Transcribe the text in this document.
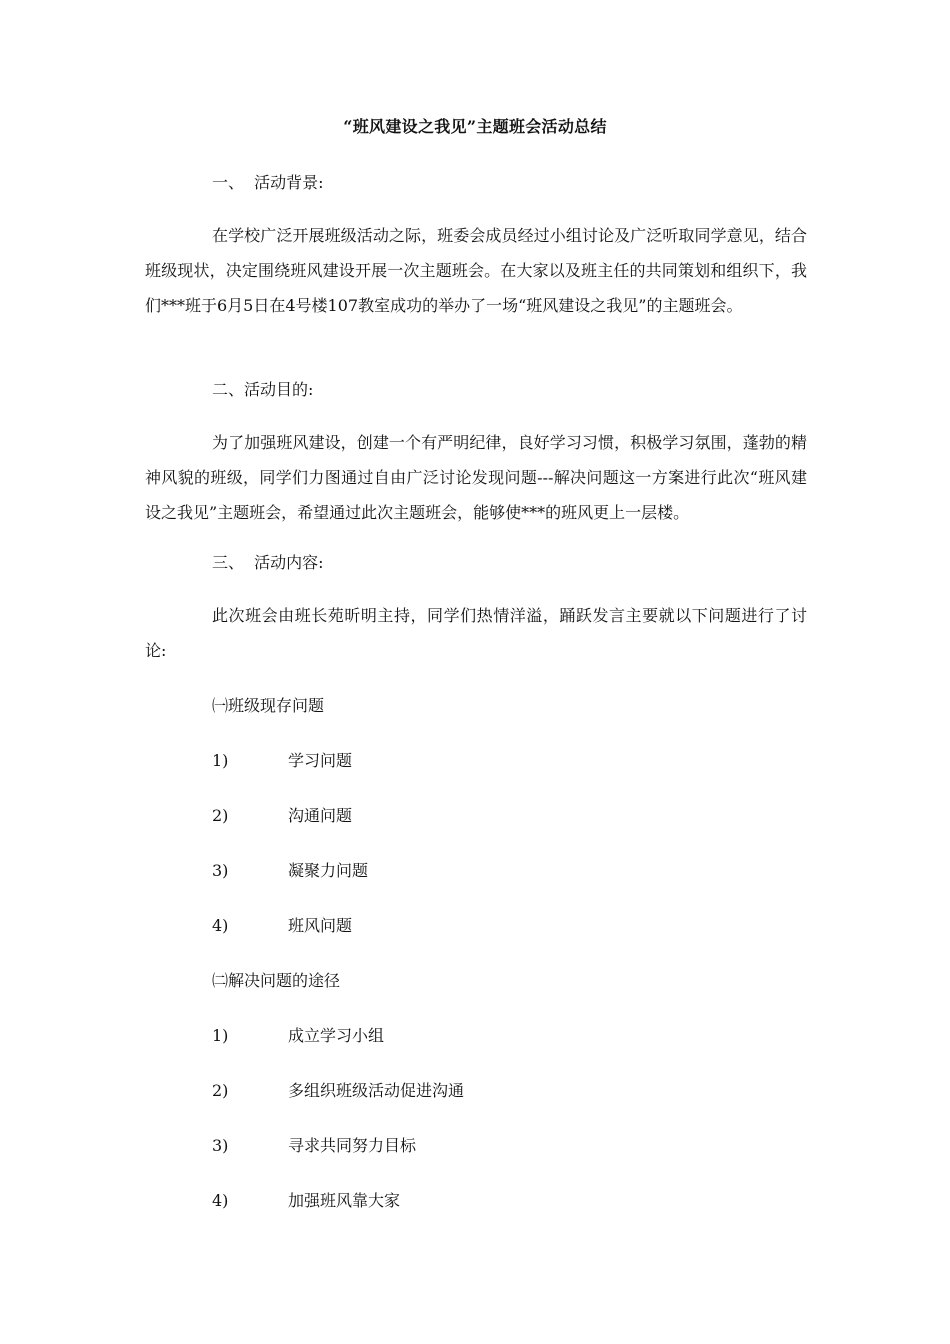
“班风建设之我见”主题班会活动总结
一、  活动背景:
在学校广泛开展班级活动之际，班委会成员经过小组讨论及广泛听取同学意见，结合班级现状，决定围绕班风建设开展一次主题班会。在大家以及班主任的共同策划和组织下，我们***班于6月5日在4号楼107教室成功的举办了一场“班风建设之我见”的主题班会。
二、活动目的:
为了加强班风建设，创建一个有严明纪律，良好学习习惯，积极学习氛围，蓬勃的精神风貌的班级，同学们力图通过自由广泛讨论发现问题---解决问题这一方案进行此次“班风建设之我见”主题班会，希望通过此次主题班会，能够使***的班风更上一层楼。
三、  活动内容:
此次班会由班长苑昕明主持，同学们热情洋溢，踊跃发言主要就以下问题进行了讨论:
㈠班级现存问题
1)	学习问题
2)	沟通问题
3)	凝聚力问题
4)	班风问题
㈡解决问题的途径
1)	成立学习小组
2)	多组织班级活动促进沟通
3)	寻求共同努力目标
4)	加强班风靠大家
